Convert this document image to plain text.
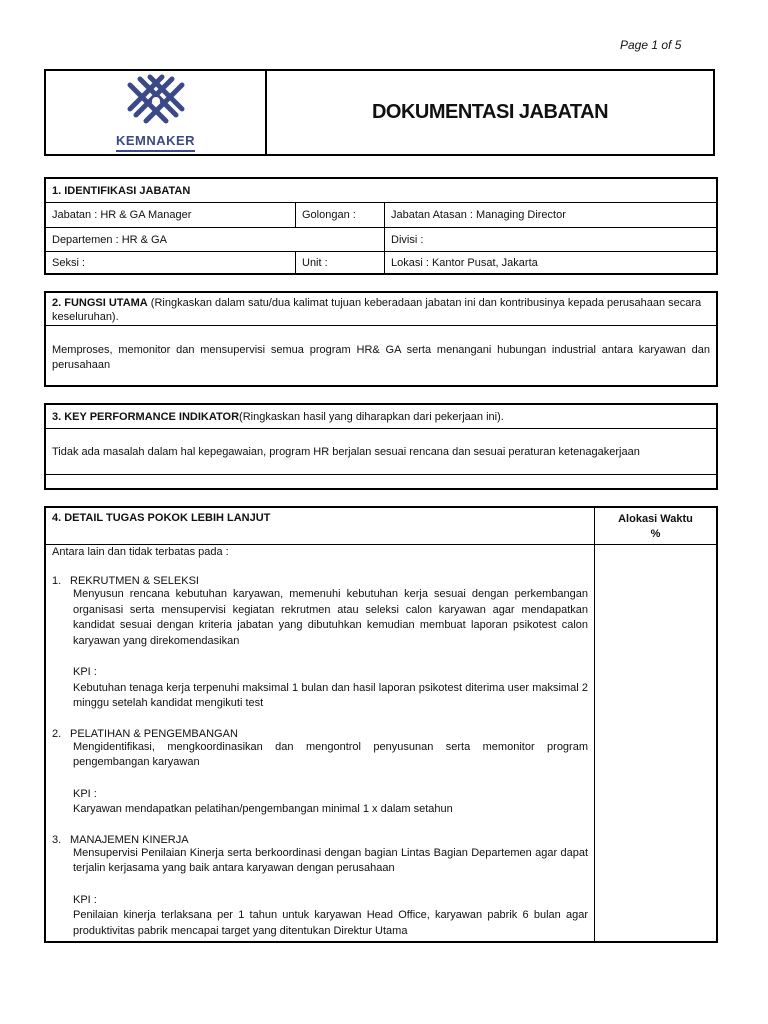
Page 1 of 5
KEMNAKER
DOKUMENTASI JABATAN
1. IDENTIFIKASI JABATAN
Jabatan : HR & GA Manager	Golongan :	Jabatan Atasan : Managing Director
Departemen : HR & GA	Divisi :
Seksi :	Unit :	Lokasi : Kantor Pusat, Jakarta
2. FUNGSI UTAMA (Ringkaskan dalam satu/dua kalimat tujuan keberadaan jabatan ini dan kontribusinya kepada perusahaan secara keseluruhan).
Memproses, memonitor dan mensupervisi semua program HR& GA serta menangani hubungan industrial antara karyawan dan perusahaan
3. KEY PERFORMANCE INDIKATOR (Ringkaskan hasil yang diharapkan dari pekerjaan ini).
Tidak ada masalah dalam hal kepegawaian, program HR berjalan sesuai rencana dan sesuai peraturan ketenagakerjaan
4. DETAIL TUGAS POKOK LEBIH LANJUT	Alokasi Waktu %
Antara lain dan tidak terbatas pada :
1. REKRUTMEN & SELEKSI
Menyusun rencana kebutuhan karyawan, memenuhi kebutuhan kerja sesuai dengan perkembangan organisasi serta mensupervisi kegiatan rekrutmen atau seleksi calon karyawan agar mendapatkan kandidat sesuai dengan kriteria jabatan yang dibutuhkan kemudian membuat laporan psikotest calon karyawan yang direkomendasikan
KPI :
Kebutuhan tenaga kerja terpenuhi maksimal 1 bulan dan hasil laporan psikotest diterima user maksimal 2 minggu setelah kandidat mengikuti test
2. PELATIHAN & PENGEMBANGAN
Mengidentifikasi, mengkoordinasikan dan mengontrol penyusunan serta memonitor program pengembangan karyawan
KPI :
Karyawan mendapatkan pelatihan/pengembangan minimal 1 x dalam setahun
3. MANAJEMEN KINERJA
Mensupervisi Penilaian Kinerja serta berkoordinasi dengan bagian Lintas Bagian Departemen agar dapat terjalin kerjasama yang baik antara karyawan dengan perusahaan
KPI :
Penilaian kinerja terlaksana per 1 tahun untuk karyawan Head Office, karyawan pabrik 6 bulan agar produktivitas pabrik mencapai target yang ditentukan Direktur Utama
